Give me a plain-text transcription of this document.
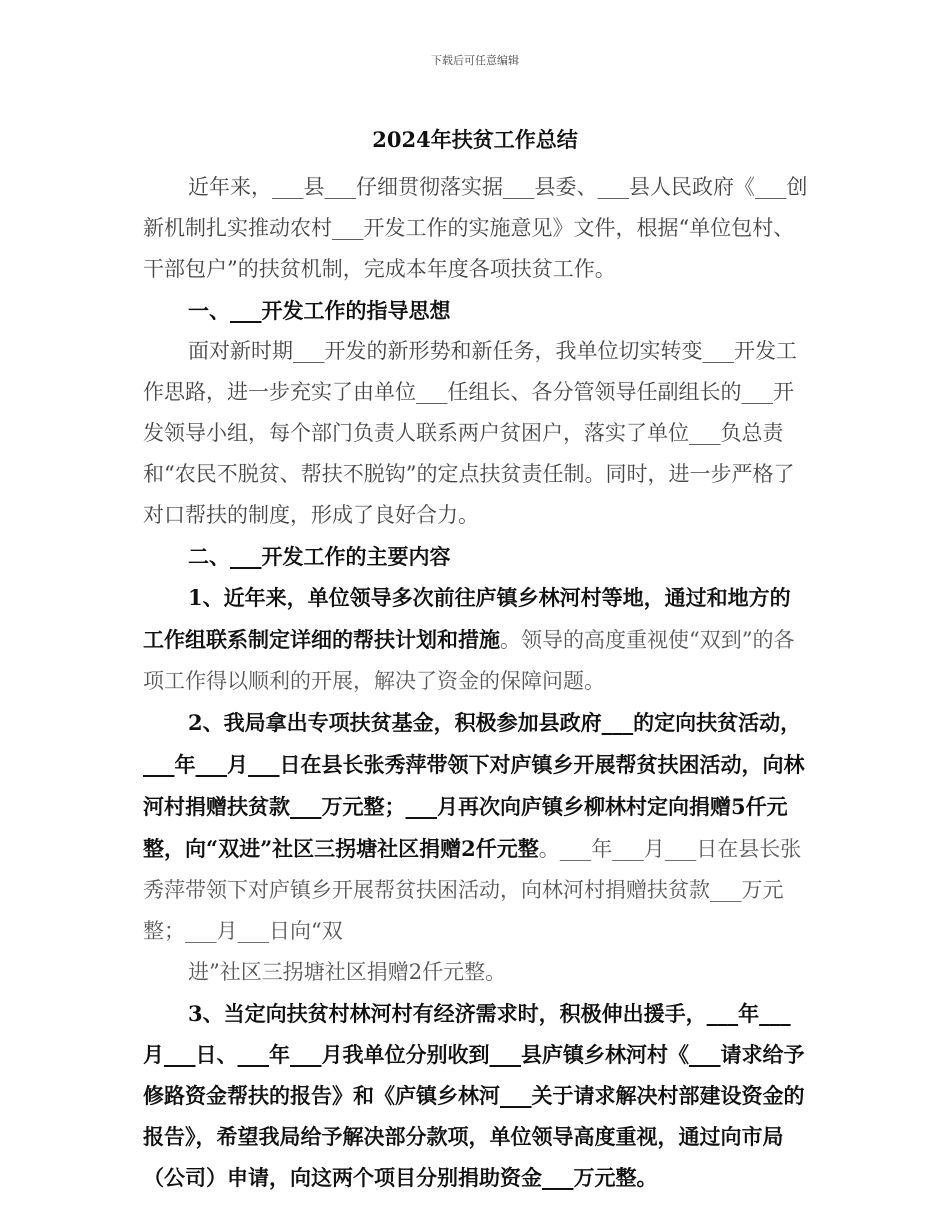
下载后可任意编辑
2024年扶贫工作总结

近年来，___县___仔细贯彻落实据___县委、___县人民政府《___创新机制扎实推动农村___开发工作的实施意见》文件，根据“单位包村、干部包户”的扶贫机制，完成本年度各项扶贫工作。

一、___开发工作的指导思想

面对新时期___开发的新形势和新任务，我单位切实转变___开发工作思路，进一步充实了由单位___任组长、各分管领导任副组长的___开发领导小组，每个部门负责人联系两户贫困户，落实了单位___负总责和“农民不脱贫、帮扶不脱钩”的定点扶贫责任制。同时，进一步严格了对口帮扶的制度，形成了良好合力。

二、___开发工作的主要内容

1、近年来，单位领导多次前往庐镇乡林河村等地，通过和地方的工作组联系制定详细的帮扶计划和措施。领导的高度重视使“双到”的各项工作得以顺利的开展，解决了资金的保障问题。

2、我局拿出专项扶贫基金，积极参加县政府___的定向扶贫活动，___年___月___日在县长张秀萍带领下对庐镇乡开展帮贫扶困活动，向林河村捐赠扶贫款___万元整；___月再次向庐镇乡柳林村定向捐赠5仟元整，向“双进”社区三拐塘社区捐赠2仟元整。___年___月___日在县长张秀萍带领下对庐镇乡开展帮贫扶困活动，向林河村捐赠扶贫款___万元整；___月___日向“双

进”社区三拐塘社区捐赠2仟元整。

3、当定向扶贫村林河村有经济需求时，积极伸出援手，___年___月___日、___年___月我单位分别收到___县庐镇乡林河村《___请求给予修路资金帮扶的报告》和《庐镇乡林河___关于请求解决村部建设资金的报告》，希望我局给予解决部分款项，单位领导高度重视，通过向市局（公司）申请，向这两个项目分别捐助资金___万元整。
